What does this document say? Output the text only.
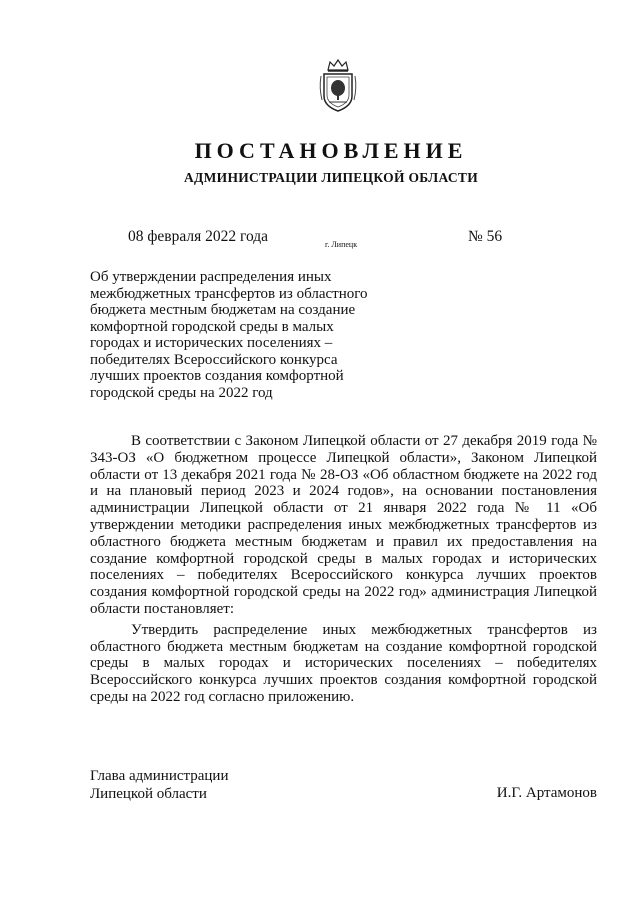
ПОСТАНОВЛЕНИЕ
АДМИНИСТРАЦИИ ЛИПЕЦКОЙ ОБЛАСТИ
08 февраля 2022 года	г. Липецк	№ 56
Об утверждении распределения иных
межбюджетных трансфертов из областного
бюджета местным бюджетам на создание
комфортной городской среды в малых
городах и исторических поселениях –
победителях Всероссийского конкурса
лучших проектов создания комфортной
городской среды на 2022 год

В соответствии с Законом Липецкой области от 27 декабря 2019 года № 343-ОЗ «О бюджетном процессе Липецкой области», Законом Липецкой области от 13 декабря 2021 года № 28-ОЗ «Об областном бюджете на 2022 год и на плановый период 2023 и 2024 годов», на основании постановления администрации Липецкой области от 21 января 2022 года № 11 «Об утверждении методики распределения иных межбюджетных трансфертов из областного бюджета местным бюджетам и правил их предоставления на создание комфортной городской среды в малых городах и исторических поселениях – победителях Всероссийского конкурса лучших проектов создания комфортной городской среды на 2022 год» администрация Липецкой области постановляет:

Утвердить распределение иных межбюджетных трансфертов из областного бюджета местным бюджетам на создание комфортной городской среды в малых городах и исторических поселениях – победителях Всероссийского конкурса лучших проектов создания комфортной городской среды на 2022 год согласно приложению.

Глава администрации
Липецкой области	И.Г. Артамонов
